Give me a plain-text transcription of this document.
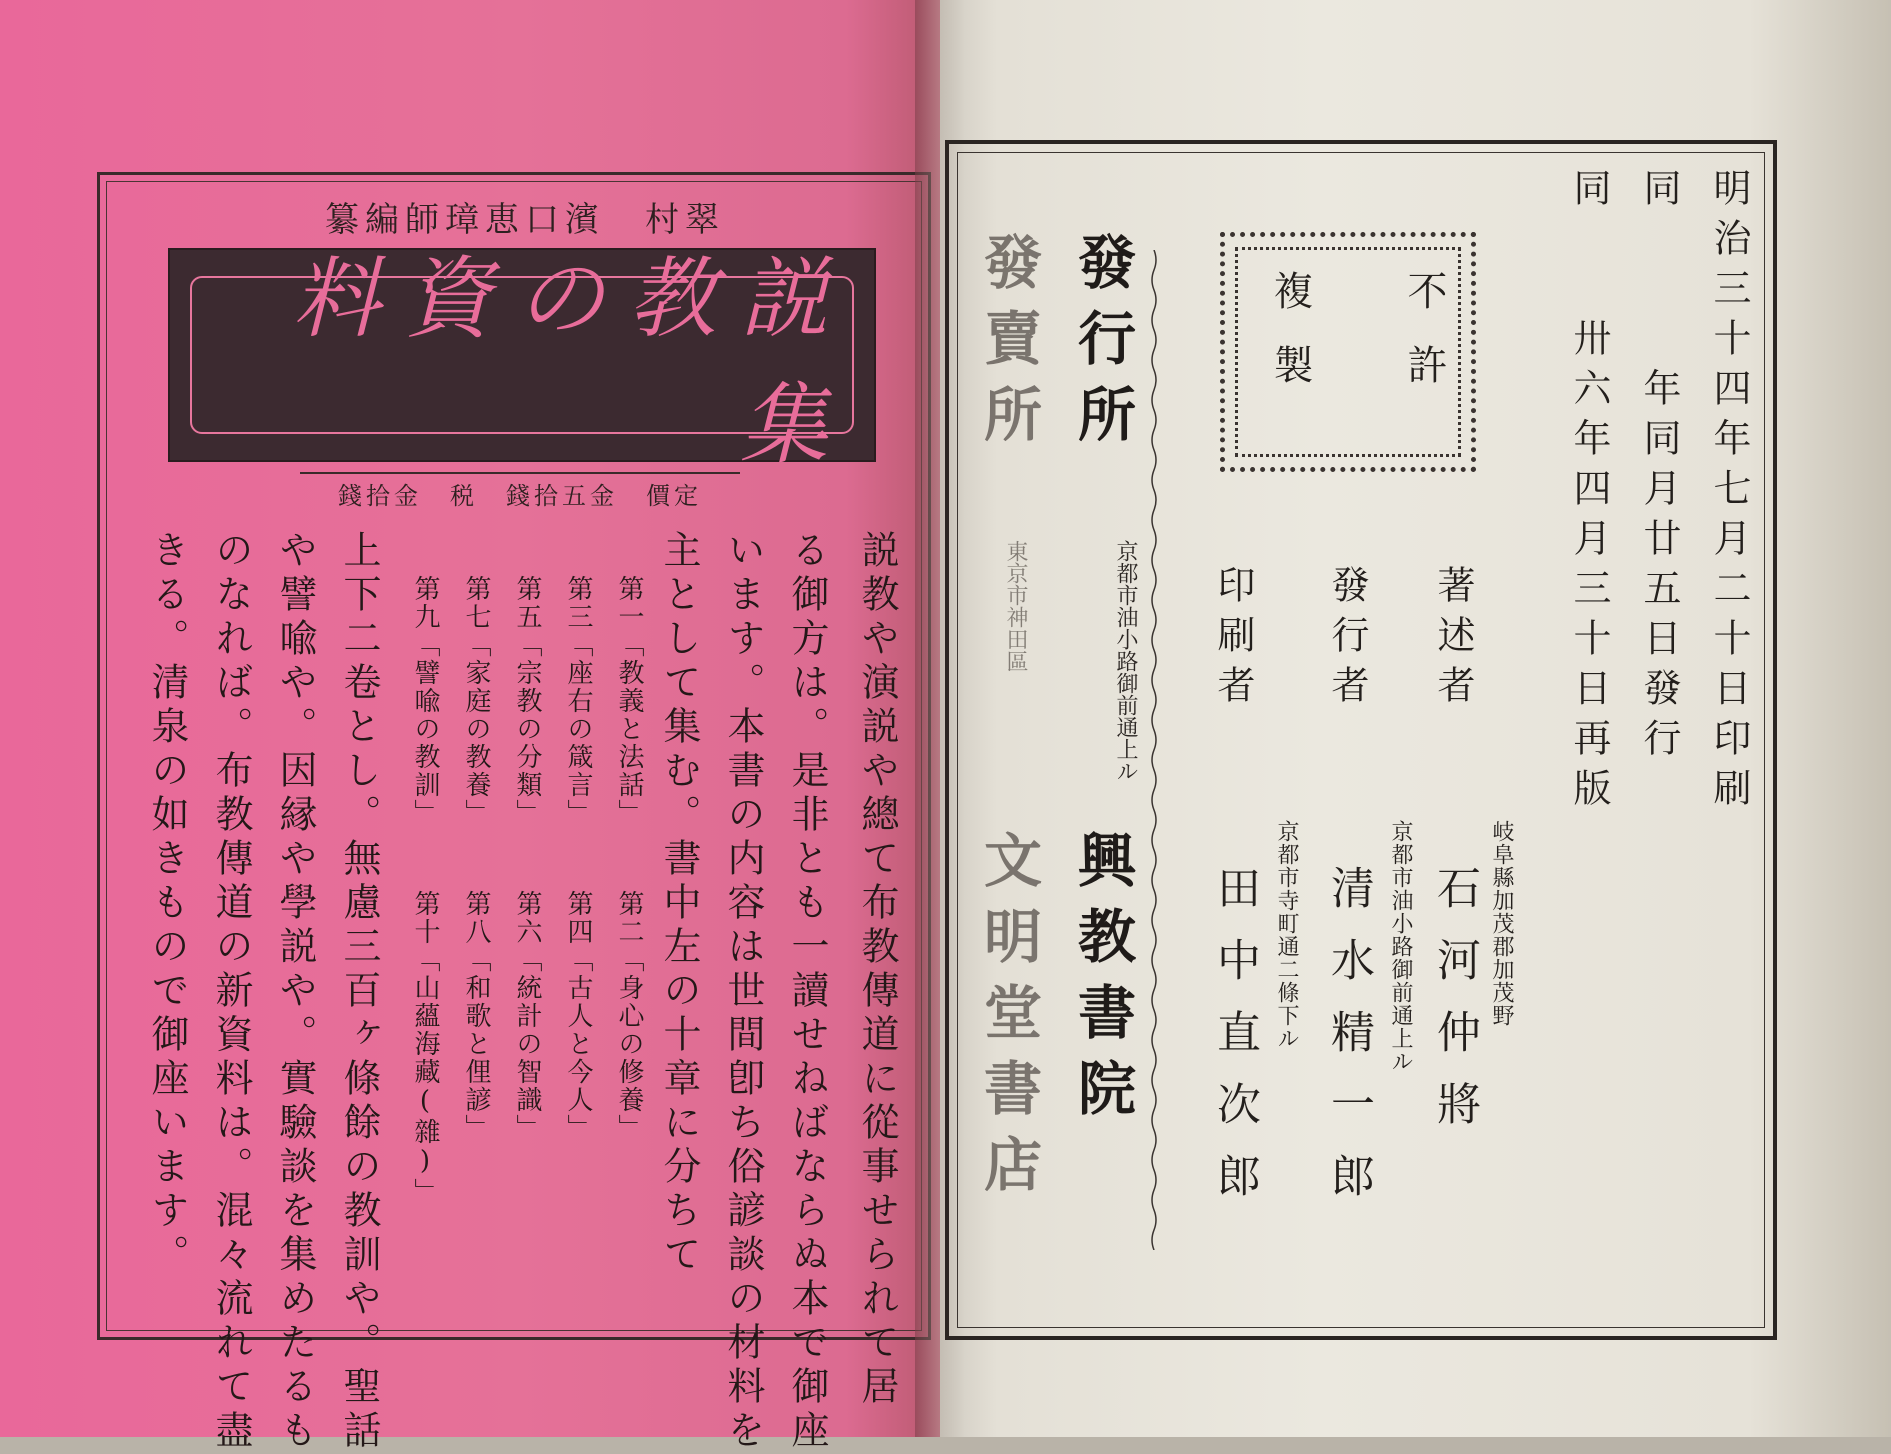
翠村　濱口恵璋師編纂
説教の資料集
定價　金五拾錢　税　金拾錢
説教や演説や總て布教傳道に從事せられて居
る御方は。是非とも一讀せねばならぬ本で御座
います。本書の内容は世間卽ち俗諺談の材料を
主として集む。書中左の十章に分ちて
第一「教義と法話」
第二「身心の修養」
第三「座右の箴言」
第四「古人と今人」
第五「宗教の分類」
第六「統計の智識」
第七「家庭の教養」
第八「和歌と俚諺」
第九「譬喩の教訓」
第十「山蘊海藏(雜)」
上下二卷とし。無慮三百ヶ條餘の教訓や。聖話
や譬喩や。因縁や學説や。實驗談を集めたるも
のなれば。布教傳道の新資料は。混々流れて盡
きる。清泉の如きもので御座います。
明治三十四年七月二十日印刷
同　　　年同月廿五日發行
同　　卅六年四月三十日再版
不許
複製
著述者
發行者
印刷者
岐阜縣加茂郡加茂野
京都市油小路御前通上ル
京都市寺町通二條下ル	石河仲將
清水精一郎
田中直次郎
發行所
京都市油小路御前通上ル
興教書院
發賣所
東京市神田區
文明堂書店
